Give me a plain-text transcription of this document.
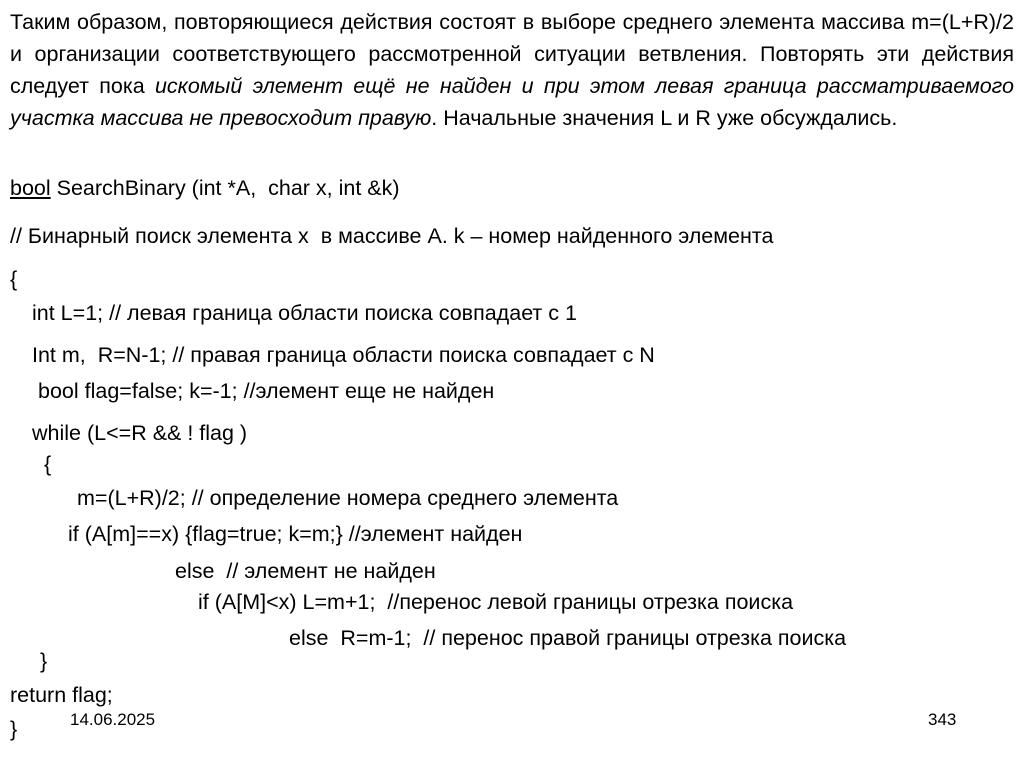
Таким образом, повторяющиеся действия состоят в выборе среднего элемента массива m=(L+R)/2 и организации соответствующего рассмотренной ситуации ветвления. Повторять эти действия следует пока искомый элемент ещё не найден и при этом левая граница рассматриваемого участка массива не превосходит правую. Начальные значения L и R уже обсуждались.

bool SearchBinary (int *A,  char x, int &k)
// Бинарный поиск элемента х  в массиве А. k – номер найденного элемента
{
int L=1; // левая граница области поиска совпадает с 1
Int m,  R=N-1; // правая граница области поиска совпадает с N
bool flag=false; k=-1; //элемент еще не найден
while (L<=R && ! flag )
{
m=(L+R)/2; // определение номера среднего элемента
if (A[m]==x) {flag=true; k=m;} //элемент найден
else  // элемент не найден
if (A[M]<x) L=m+1;  //перенос левой границы отрезка поиска
else  R=m-1;  // перенос правой границы отрезка поиска
}
return flag;
}	14.06.2025	343
